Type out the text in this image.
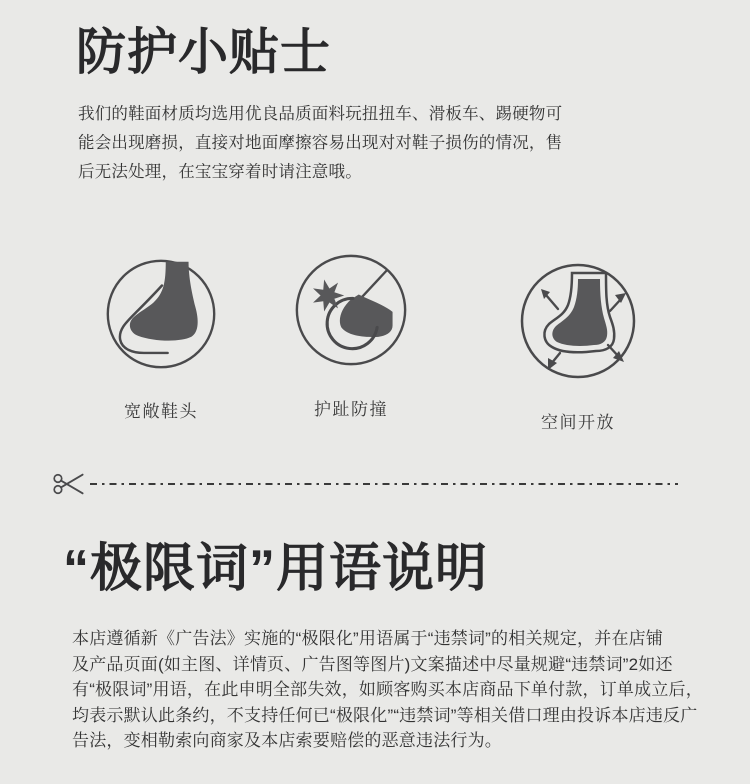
防护小贴士
我们的鞋面材质均选用优良品质面料玩扭扭车、滑板车、踢硬物可
能会出现磨损，直接对地面摩擦容易出现对对鞋子损伤的情况，售
后无法处理，在宝宝穿着时请注意哦。
宽敞鞋头	护趾防撞
空间开放
“极限词”用语说明
本店遵循新《广告法》实施的“极限化”用语属于“违禁词”的相关规定，并在店铺
及产品页面(如主图、详情页、广告图等图片)文案描述中尽量规避“违禁词”2如还
有“极限词”用语，在此申明全部失效，如顾客购买本店商品下单付款，订单成立后，
均表示默认此条约，不支持任何已“极限化”“违禁词”等相关借口理由投诉本店违反广
告法，变相勒索向商家及本店索要赔偿的恶意违法行为。
